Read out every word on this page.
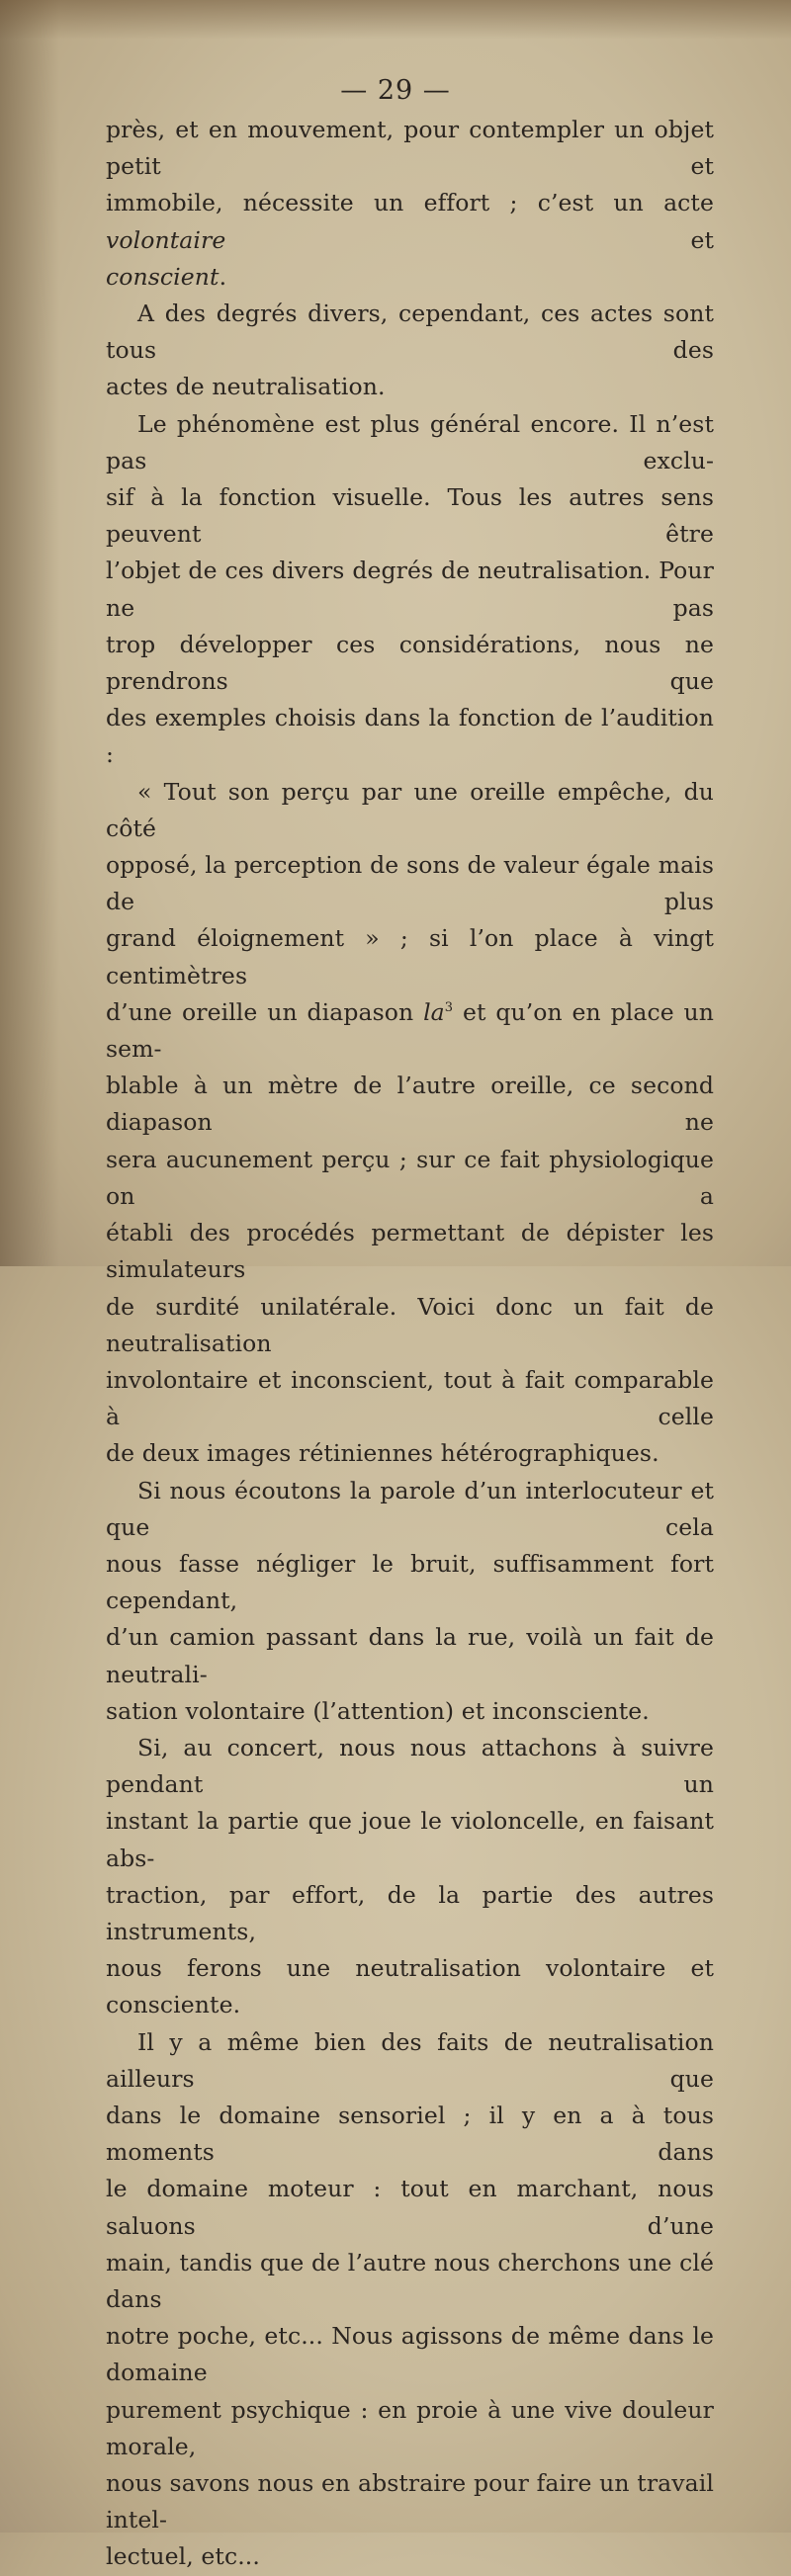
— 29 —

près, et en mouvement, pour contempler un objet petit et

immobile, nécessite un effort ; c’est un acte volontaire et

conscient.

A des degrés divers, cependant, ces actes sont tous des

actes de neutralisation.

Le phénomène est plus général encore. Il n’est pas exclu-

sif à la fonction visuelle. Tous les autres sens peuvent être

l’objet de ces divers degrés de neutralisation. Pour ne pas

trop développer ces considérations, nous ne prendrons que

des exemples choisis dans la fonction de l’audition :

« Tout son perçu par une oreille empêche, du côté

opposé, la perception de sons de valeur égale mais de plus

grand éloignement » ; si l’on place à vingt centimètres

d’une oreille un diapason $la^3$ et qu’on en place un sem-

blable à un mètre de l’autre oreille, ce second diapason ne

sera aucunement perçu ; sur ce fait physiologique on a

établi des procédés permettant de dépister les simulateurs

de surdité unilatérale. Voici donc un fait de neutralisation

involontaire et inconscient, tout à fait comparable à celle

de deux images rétiniennes hétérographiques.

Si nous écoutons la parole d’un interlocuteur et que cela

nous fasse négliger le bruit, suffisamment fort cependant,

d’un camion passant dans la rue, voilà un fait de neutrali-

sation volontaire (l’attention) et inconsciente.

Si, au concert, nous nous attachons à suivre pendant un

instant la partie que joue le violoncelle, en faisant abs-

traction, par effort, de la partie des autres instruments,

nous ferons une neutralisation volontaire et consciente.

Il y a même bien des faits de neutralisation ailleurs que

dans le domaine sensoriel ; il y en a à tous moments dans

le domaine moteur : tout en marchant, nous saluons d’une

main, tandis que de l’autre nous cherchons une clé dans

notre poche, etc... Nous agissons de même dans le domaine

purement psychique : en proie à une vive douleur morale,

nous savons nous en abstraire pour faire un travail intel-

lectuel, etc...
